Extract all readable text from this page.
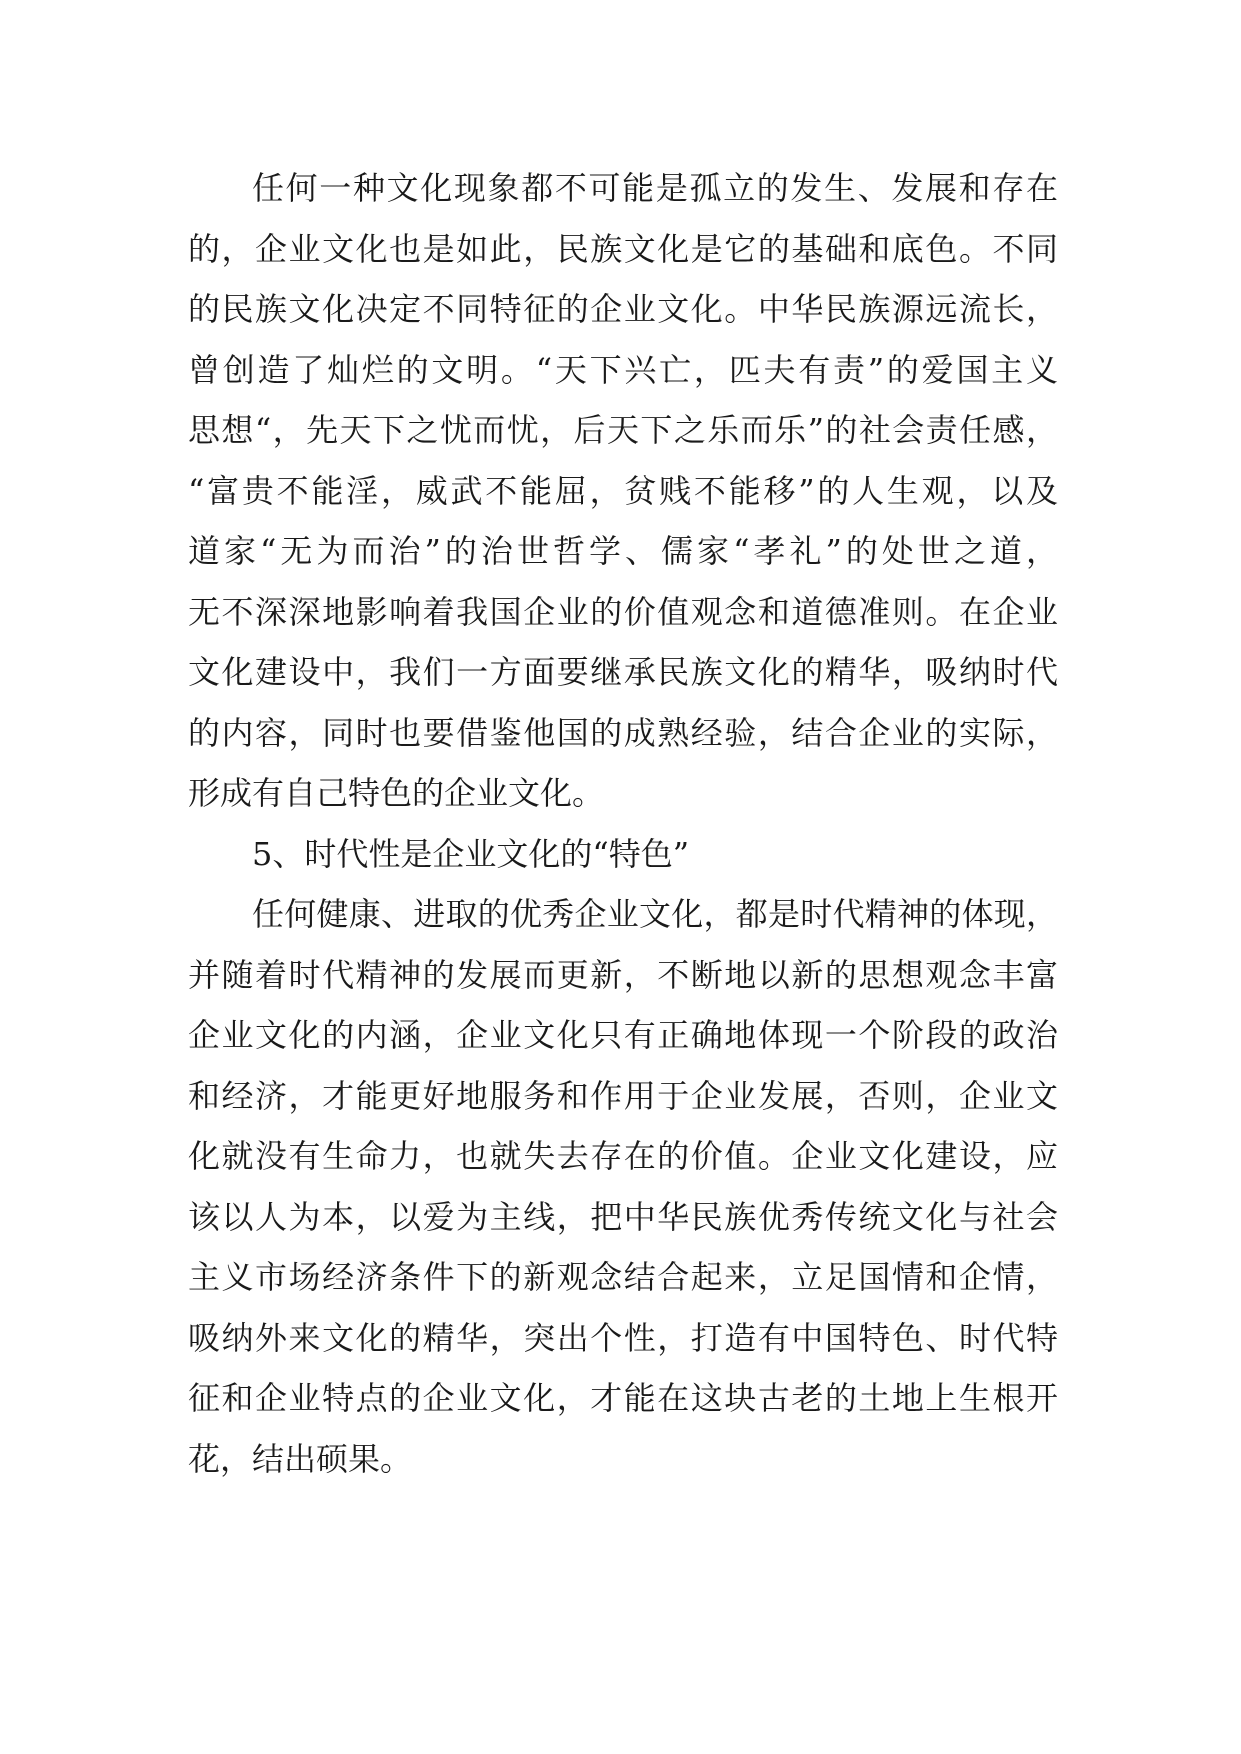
任何一种文化现象都不可能是孤立的发生、发展和存在
的，企业文化也是如此，民族文化是它的基础和底色。不同
的民族文化决定不同特征的企业文化。中华民族源远流长，
曾创造了灿烂的文明。“天下兴亡，匹夫有责”的爱国主义
思想“，先天下之忧而忧，后天下之乐而乐”的社会责任感，
“富贵不能淫，威武不能屈，贫贱不能移”的人生观，以及
道家“无为而治”的治世哲学、儒家“孝礼”的处世之道，
无不深深地影响着我国企业的价值观念和道德准则。在企业
文化建设中，我们一方面要继承民族文化的精华，吸纳时代
的内容，同时也要借鉴他国的成熟经验，结合企业的实际，
形成有自己特色的企业文化。
5、时代性是企业文化的“特色”
任何健康、进取的优秀企业文化，都是时代精神的体现，
并随着时代精神的发展而更新，不断地以新的思想观念丰富
企业文化的内涵，企业文化只有正确地体现一个阶段的政治
和经济，才能更好地服务和作用于企业发展，否则，企业文
化就没有生命力，也就失去存在的价值。企业文化建设，应
该以人为本，以爱为主线，把中华民族优秀传统文化与社会
主义市场经济条件下的新观念结合起来，立足国情和企情，
吸纳外来文化的精华，突出个性，打造有中国特色、时代特
征和企业特点的企业文化，才能在这块古老的土地上生根开
花，结出硕果。
